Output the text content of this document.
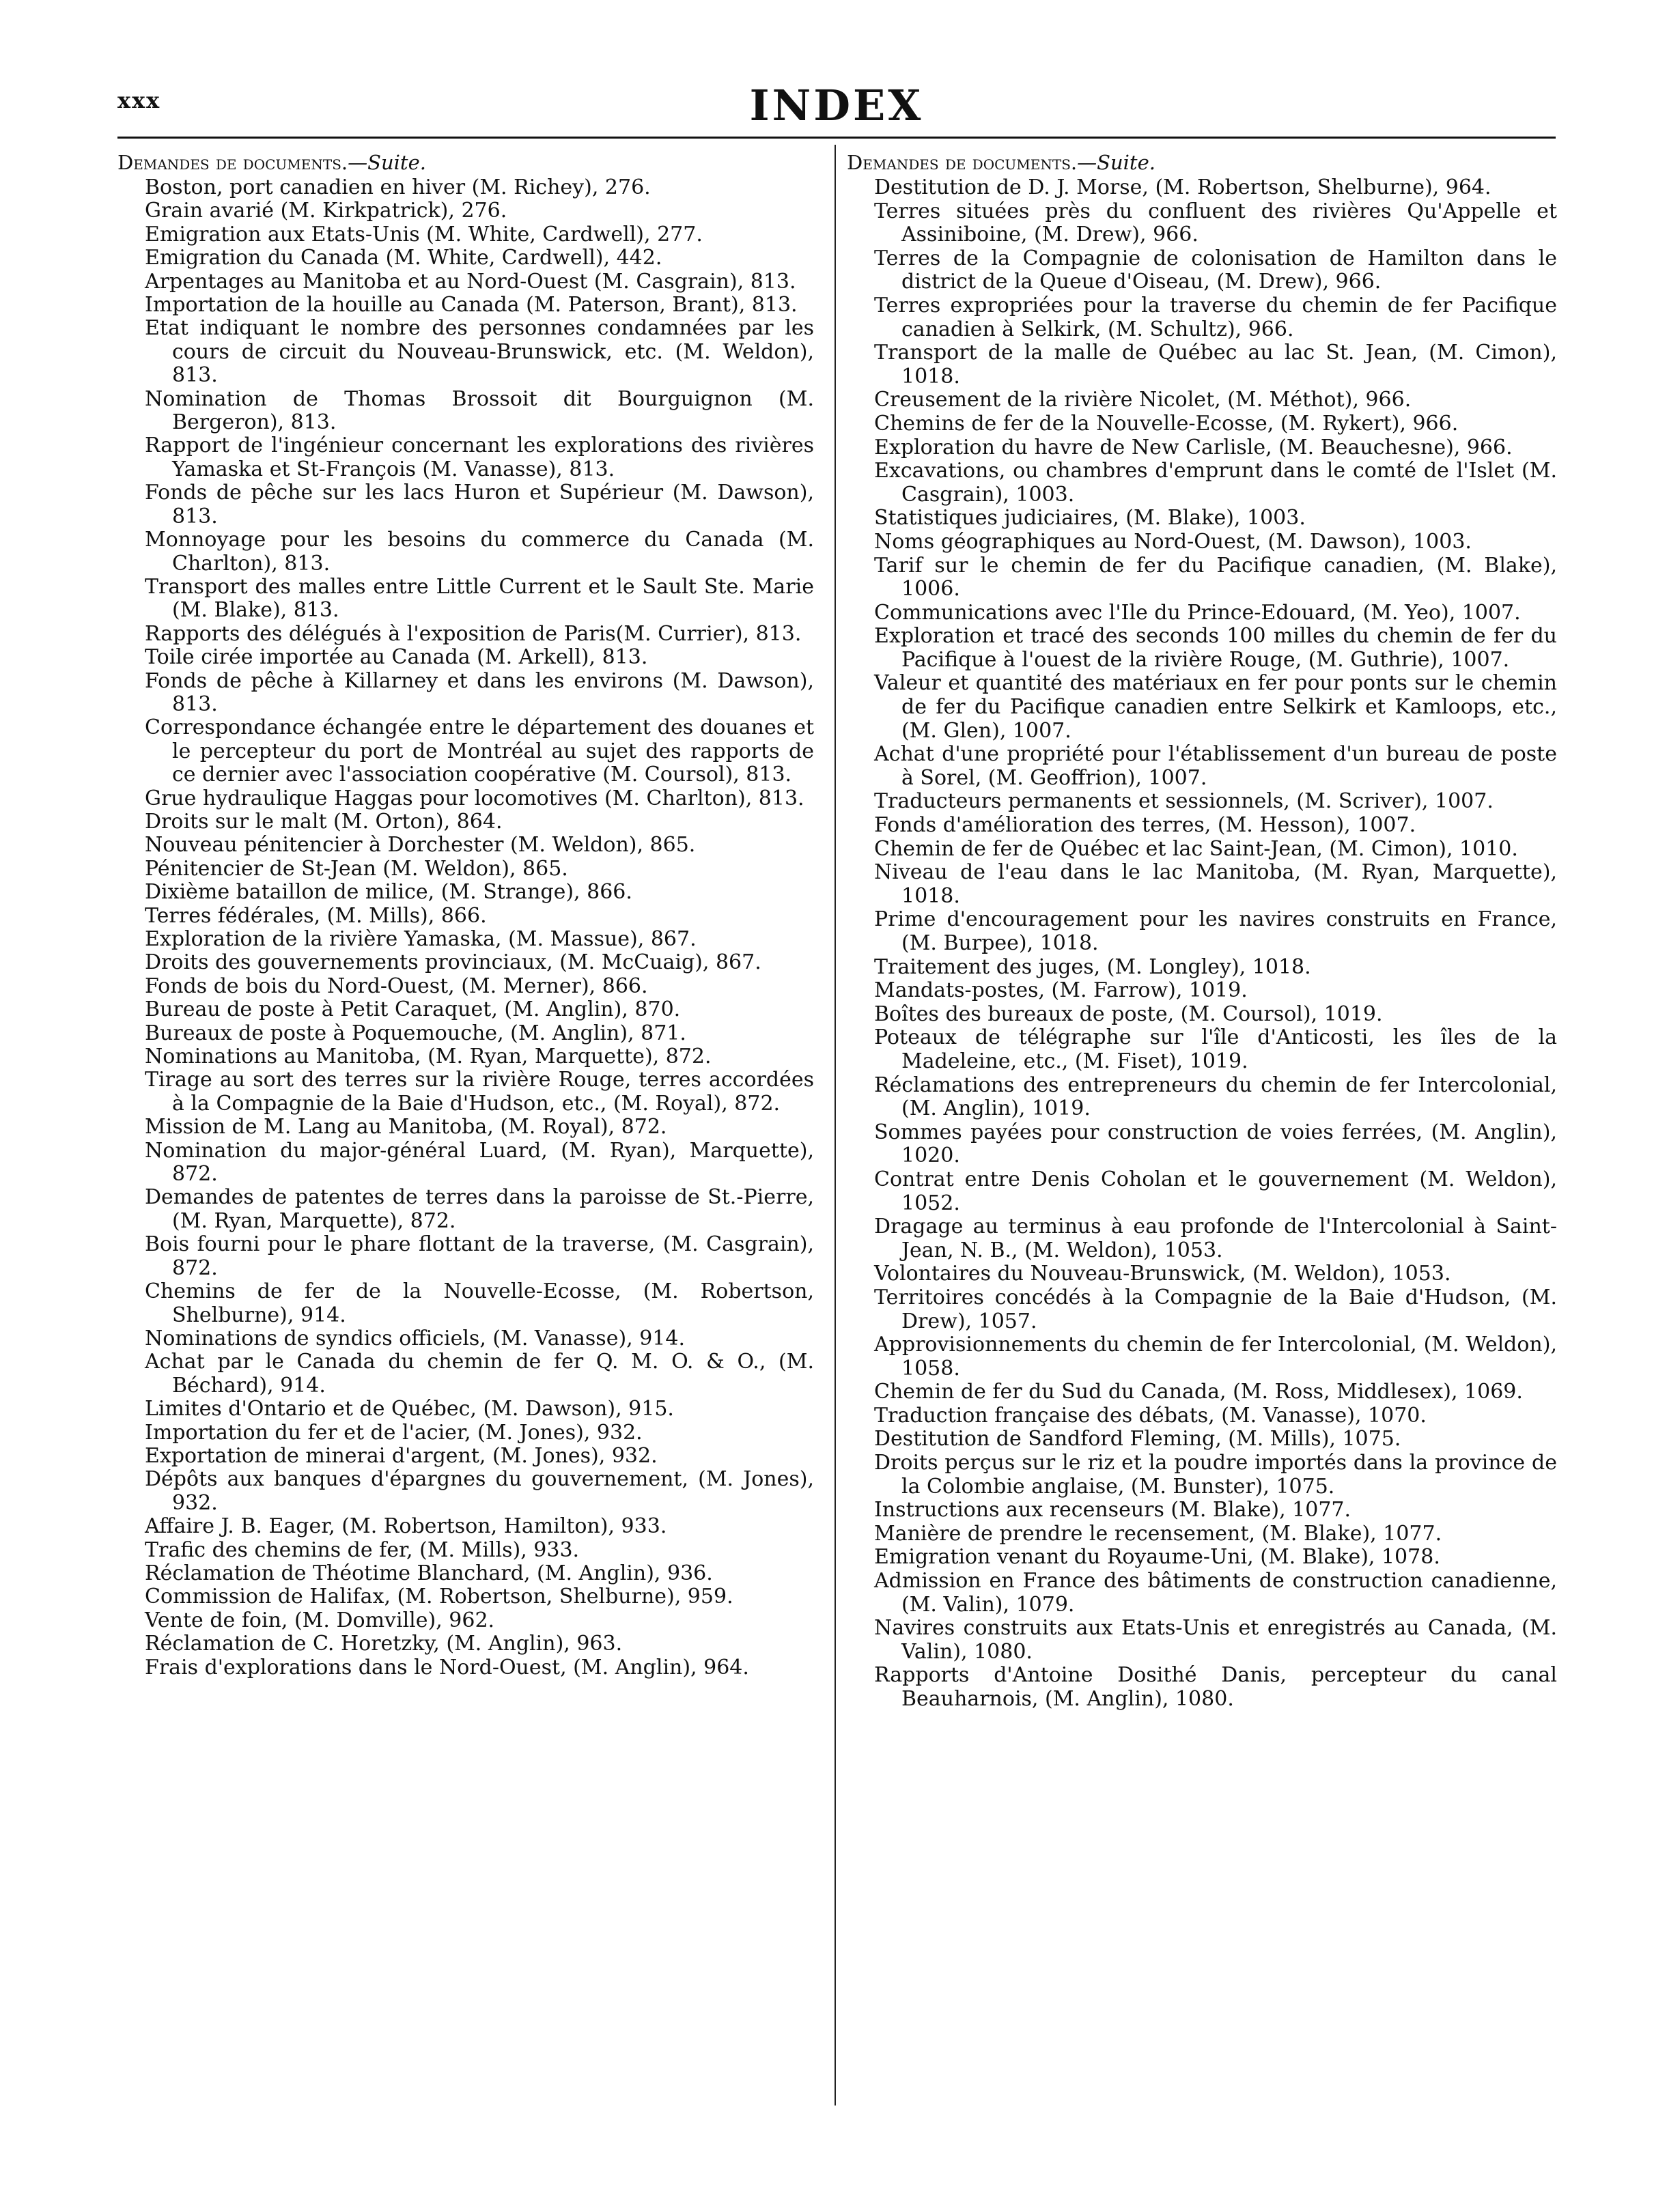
xxx	INDEX
Demandes de documents.—Suite.
Boston, port canadien en hiver (M. Richey), 276.
Grain avarié (M. Kirkpatrick), 276.
Emigration aux Etats-Unis (M. White, Cardwell), 277.
Emigration du Canada (M. White, Cardwell), 442.
Arpentages au Manitoba et au Nord-Ouest (M. Casgrain), 813.
Importation de la houille au Canada (M. Paterson, Brant), 813.
Etat indiquant le nombre des personnes condamnées par les cours de circuit du Nouveau-Brunswick, etc. (M. Weldon), 813.
Nomination de Thomas Brossoit dit Bourguignon (M. Bergeron), 813.
Rapport de l'ingénieur concernant les explorations des rivières Yamaska et St-François (M. Vanasse), 813.
Fonds de pêche sur les lacs Huron et Supérieur (M. Dawson), 813.
Monnoyage pour les besoins du commerce du Canada (M. Charlton), 813.
Transport des malles entre Little Current et le Sault Ste. Marie (M. Blake), 813.
Rapports des délégués à l'exposition de Paris(M. Currier), 813.
Toile cirée importée au Canada (M. Arkell), 813.
Fonds de pêche à Killarney et dans les environs (M. Dawson), 813.
Correspondance échangée entre le département des douanes et le percepteur du port de Montréal au sujet des rapports de ce dernier avec l'association coopérative (M. Coursol), 813.
Grue hydraulique Haggas pour locomotives (M. Charlton), 813.
Droits sur le malt (M. Orton), 864.
Nouveau pénitencier à Dorchester (M. Weldon), 865.
Pénitencier de St-Jean (M. Weldon), 865.
Dixième bataillon de milice, (M. Strange), 866.
Terres fédérales, (M. Mills), 866.
Exploration de la rivière Yamaska, (M. Massue), 867.
Droits des gouvernements provinciaux, (M. McCuaig), 867.
Fonds de bois du Nord-Ouest, (M. Merner), 866.
Bureau de poste à Petit Caraquet, (M. Anglin), 870.
Bureaux de poste à Poquemouche, (M. Anglin), 871.
Nominations au Manitoba, (M. Ryan, Marquette), 872.
Tirage au sort des terres sur la rivière Rouge, terres accordées à la Compagnie de la Baie d'Hudson, etc., (M. Royal), 872.
Mission de M. Lang au Manitoba, (M. Royal), 872.
Nomination du major-général Luard, (M. Ryan), Marquette), 872.
Demandes de patentes de terres dans la paroisse de St.-Pierre, (M. Ryan, Marquette), 872.
Bois fourni pour le phare flottant de la traverse, (M. Casgrain), 872.
Chemins de fer de la Nouvelle-Ecosse, (M. Robertson, Shelburne), 914.
Nominations de syndics officiels, (M. Vanasse), 914.
Achat par le Canada du chemin de fer Q. M. O. & O., (M. Béchard), 914.
Limites d'Ontario et de Québec, (M. Dawson), 915.
Importation du fer et de l'acier, (M. Jones), 932.
Exportation de minerai d'argent, (M. Jones), 932.
Dépôts aux banques d'épargnes du gouvernement, (M. Jones), 932.
Affaire J. B. Eager, (M. Robertson, Hamilton), 933.
Trafic des chemins de fer, (M. Mills), 933.
Réclamation de Théotime Blanchard, (M. Anglin), 936.
Commission de Halifax, (M. Robertson, Shelburne), 959.
Vente de foin, (M. Domville), 962.
Réclamation de C. Horetzky, (M. Anglin), 963.
Frais d'explorations dans le Nord-Ouest, (M. Anglin), 964.
Demandes de documents.—Suite.
Destitution de D. J. Morse, (M. Robertson, Shelburne), 964.
Terres situées près du confluent des rivières Qu'Appelle et Assiniboine, (M. Drew), 966.
Terres de la Compagnie de colonisation de Hamilton dans le district de la Queue d'Oiseau, (M. Drew), 966.
Terres expropriées pour la traverse du chemin de fer Pacifique canadien à Selkirk, (M. Schultz), 966.
Transport de la malle de Québec au lac St. Jean, (M. Cimon), 1018.
Creusement de la rivière Nicolet, (M. Méthot), 966.
Chemins de fer de la Nouvelle-Ecosse, (M. Rykert), 966.
Exploration du havre de New Carlisle, (M. Beauchesne), 966.
Excavations, ou chambres d'emprunt dans le comté de l'Islet (M. Casgrain), 1003.
Statistiques judiciaires, (M. Blake), 1003.
Noms géographiques au Nord-Ouest, (M. Dawson), 1003.
Tarif sur le chemin de fer du Pacifique canadien, (M. Blake), 1006.
Communications avec l'Ile du Prince-Edouard, (M. Yeo), 1007.
Exploration et tracé des seconds 100 milles du chemin de fer du Pacifique à l'ouest de la rivière Rouge, (M. Guthrie), 1007.
Valeur et quantité des matériaux en fer pour ponts sur le chemin de fer du Pacifique canadien entre Selkirk et Kamloops, etc., (M. Glen), 1007.
Achat d'une propriété pour l'établissement d'un bureau de poste à Sorel, (M. Geoffrion), 1007.
Traducteurs permanents et sessionnels, (M. Scriver), 1007.
Fonds d'amélioration des terres, (M. Hesson), 1007.
Chemin de fer de Québec et lac Saint-Jean, (M. Cimon), 1010.
Niveau de l'eau dans le lac Manitoba, (M. Ryan, Marquette), 1018.
Prime d'encouragement pour les navires construits en France, (M. Burpee), 1018.
Traitement des juges, (M. Longley), 1018.
Mandats-postes, (M. Farrow), 1019.
Boîtes des bureaux de poste, (M. Coursol), 1019.
Poteaux de télégraphe sur l'île d'Anticosti, les îles de la Madeleine, etc., (M. Fiset), 1019.
Réclamations des entrepreneurs du chemin de fer Intercolonial, (M. Anglin), 1019.
Sommes payées pour construction de voies ferrées, (M. Anglin), 1020.
Contrat entre Denis Coholan et le gouvernement (M. Weldon), 1052.
Dragage au terminus à eau profonde de l'Intercolonial à Saint-Jean, N. B., (M. Weldon), 1053.
Volontaires du Nouveau-Brunswick, (M. Weldon), 1053.
Territoires concédés à la Compagnie de la Baie d'Hudson, (M. Drew), 1057.
Approvisionnements du chemin de fer Intercolonial, (M. Weldon), 1058.
Chemin de fer du Sud du Canada, (M. Ross, Middlesex), 1069.
Traduction française des débats, (M. Vanasse), 1070.
Destitution de Sandford Fleming, (M. Mills), 1075.
Droits perçus sur le riz et la poudre importés dans la province de la Colombie anglaise, (M. Bunster), 1075.
Instructions aux recenseurs (M. Blake), 1077.
Manière de prendre le recensement, (M. Blake), 1077.
Emigration venant du Royaume-Uni, (M. Blake), 1078.
Admission en France des bâtiments de construction canadienne, (M. Valin), 1079.
Navires construits aux Etats-Unis et enregistrés au Canada, (M. Valin), 1080.
Rapports d'Antoine Dosithé Danis, percepteur du canal Beauharnois, (M. Anglin), 1080.
